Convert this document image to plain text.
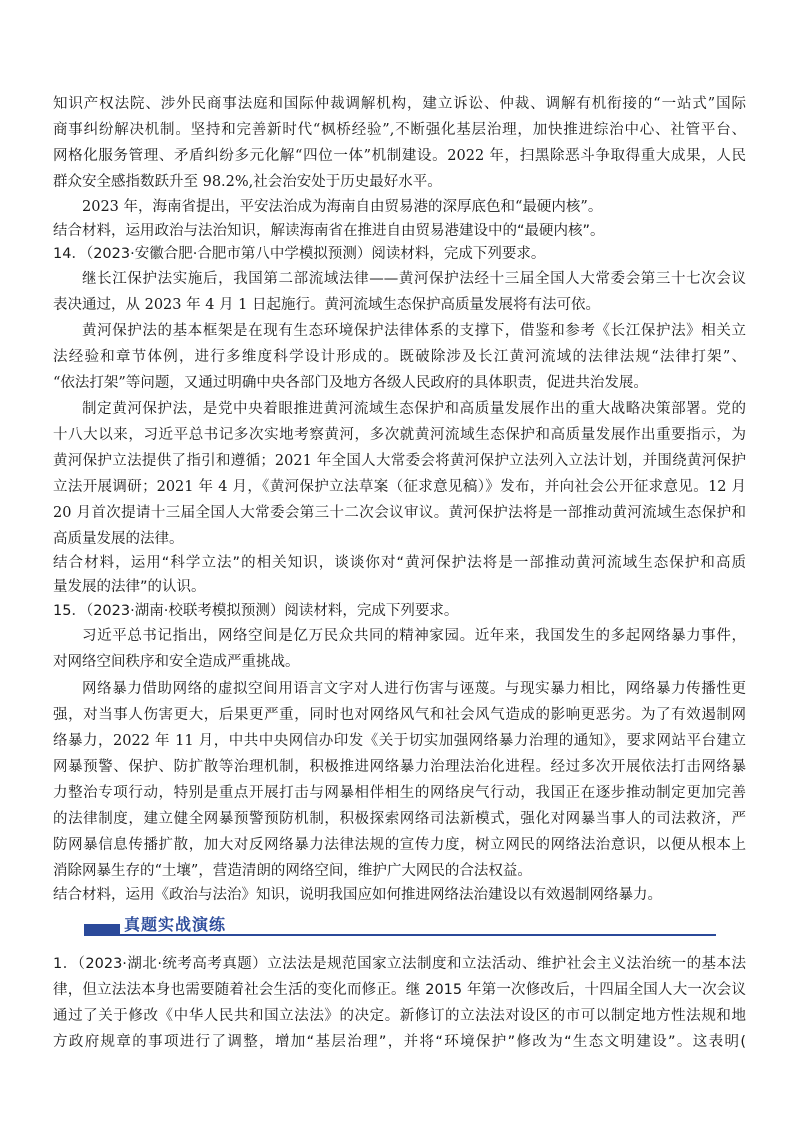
知识产权法院、涉外民商事法庭和国际仲裁调解机构，建立诉讼、仲裁、调解有机衔接的“一站式”国际
商事纠纷解决机制。坚持和完善新时代“枫桥经验”,不断强化基层治理，加快推进综治中心、社管平台、
网格化服务管理、矛盾纠纷多元化解“四位一体”机制建设。2022 年，扫黑除恶斗争取得重大成果，人民
群众安全感指数跃升至 98.2%,社会治安处于历史最好水平。
2023 年，海南省提出，平安法治成为海南自由贸易港的深厚底色和“最硬内核”。
结合材料，运用政治与法治知识，解读海南省在推进自由贸易港建设中的“最硬内核”。
14．（2023·安徽合肥·合肥市第八中学模拟预测）阅读材料，完成下列要求。
继长江保护法实施后，我国第二部流域法律——黄河保护法经十三届全国人大常委会第三十七次会议
表决通过，从 2023 年 4 月 1 日起施行。黄河流域生态保护高质量发展将有法可依。
黄河保护法的基本框架是在现有生态环境保护法律体系的支撑下，借鉴和参考《长江保护法》相关立
法经验和章节体例，进行多维度科学设计形成的。既破除涉及长江黄河流域的法律法规“法律打架”、
“依法打架”等问题，又通过明确中央各部门及地方各级人民政府的具体职责，促进共治发展。
制定黄河保护法，是党中央着眼推进黄河流域生态保护和高质量发展作出的重大战略决策部署。党的
十八大以来，习近平总书记多次实地考察黄河，多次就黄河流域生态保护和高质量发展作出重要指示，为
黄河保护立法提供了指引和遵循；2021 年全国人大常委会将黄河保护立法列入立法计划，并围绕黄河保护
立法开展调研；2021 年 4 月，《黄河保护立法草案（征求意见稿）》发布，并向社会公开征求意见。12 月
20 月首次提请十三届全国人大常委会第三十二次会议审议。黄河保护法将是一部推动黄河流域生态保护和
高质量发展的法律。
结合材料，运用“科学立法”的相关知识，谈谈你对“黄河保护法将是一部推动黄河流域生态保护和高质
量发展的法律”的认识。
15．（2023·湖南·校联考模拟预测）阅读材料，完成下列要求。
习近平总书记指出，网络空间是亿万民众共同的精神家园。近年来，我国发生的多起网络暴力事件，
对网络空间秩序和安全造成严重挑战。
网络暴力借助网络的虚拟空间用语言文字对人进行伤害与诬蔑。与现实暴力相比，网络暴力传播性更
强，对当事人伤害更大，后果更严重，同时也对网络风气和社会风气造成的影响更恶劣。为了有效遏制网
络暴力，2022 年 11 月，中共中央网信办印发《关于切实加强网络暴力治理的通知》，要求网站平台建立
网暴预警、保护、防扩散等治理机制，积极推进网络暴力治理法治化进程。经过多次开展依法打击网络暴
力整治专项行动，特别是重点开展打击与网暴相伴相生的网络戾气行动，我国正在逐步推动制定更加完善
的法律制度，建立健全网暴预警预防机制，积极探索网络司法新模式，强化对网暴当事人的司法救济，严
防网暴信息传播扩散，加大对反网络暴力法律法规的宣传力度，树立网民的网络法治意识，以便从根本上
消除网暴生存的“土壤”，营造清朗的网络空间，维护广大网民的合法权益。
结合材料，运用《政治与法治》知识，说明我国应如何推进网络法治建设以有效遏制网络暴力。
真题实战演练
1．（2023·湖北·统考高考真题）立法法是规范国家立法制度和立法活动、维护社会主义法治统一的基本法
律，但立法法本身也需要随着社会生活的变化而修正。继 2015 年第一次修改后，十四届全国人大一次会议
通过了关于修改《中华人民共和国立法法》的决定。新修订的立法法对设区的市可以制定地方性法规和地
方政府规章的事项进行了调整，增加“基层治理”，并将“环境保护”修改为“生态文明建设”。这表明(
